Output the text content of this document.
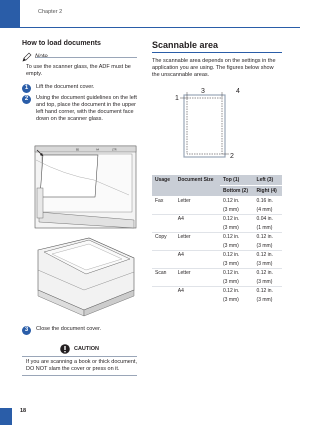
Chapter 2
How to load documents
To use the scanner glass, the ADF must be empty.
1	Lift the document cover.
2	Using the document guidelines on the left and top, place the document in the upper left hand corner, with the document face down on the scanner glass.
B5	A4	LTR
3	Close the document cover.
CAUTION
If you are scanning a book or thick document, DO NOT slam the cover or press on it.
Scannable area
The scannable area depends on the settings in the application you are using. The figures below show the unscannable areas.
3	4
1
2
Usage	Document Size	Top (1)	Left (3)
		Bottom (2)	Right (4)
Fax	Letter	0.12 in.	0.16 in.
		(3 mm)	(4 mm)
	A4	0.12 in.	0.04 in.
		(3 mm)	(1 mm)
Copy	Letter	0.12 in.	0.12 in.
		(3 mm)	(3 mm)
	A4	0.12 in.	0.12 in.
		(3 mm)	(3 mm)
Scan	Letter	0.12 in.	0.12 in.
		(3 mm)	(3 mm)
	A4	0.12 in.	0.12 in.
		(3 mm)	(3 mm)
18
